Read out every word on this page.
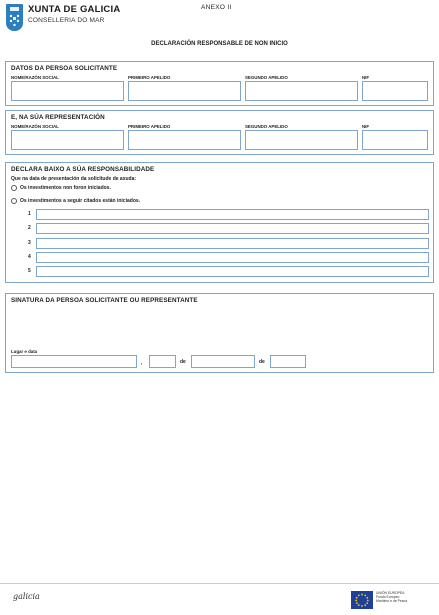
XUNTA DE GALICIA
CONSELLERIA DO MAR
ANEXO II
DECLARACIÓN RESPONSABLE DE NON INICIO
DATOS DA PERSOA SOLICITANTE
NOME/RAZÓN SOCIAL	PRIMEIRO APELIDO	SEGUNDO APELIDO	NIF
E, NA SÚA REPRESENTACIÓN
NOME/RAZÓN SOCIAL	PRIMEIRO APELIDO	SEGUNDO APELIDO	NIF
DECLARA BAIXO A SÚA RESPONSABILIDADE
Que na data de presentación da solicitude de axuda:
Os investimentos non foron iniciados.
Os investimentos a seguir citados están iniciados.
1
2
3
4
5
SINATURA DA PERSOA SOLICITANTE OU REPRESENTANTE
Lugar e data
,	de	de
galicia	UNIÓN EUROPEA
Fondo Europeo
Marítimo e de Pesca
